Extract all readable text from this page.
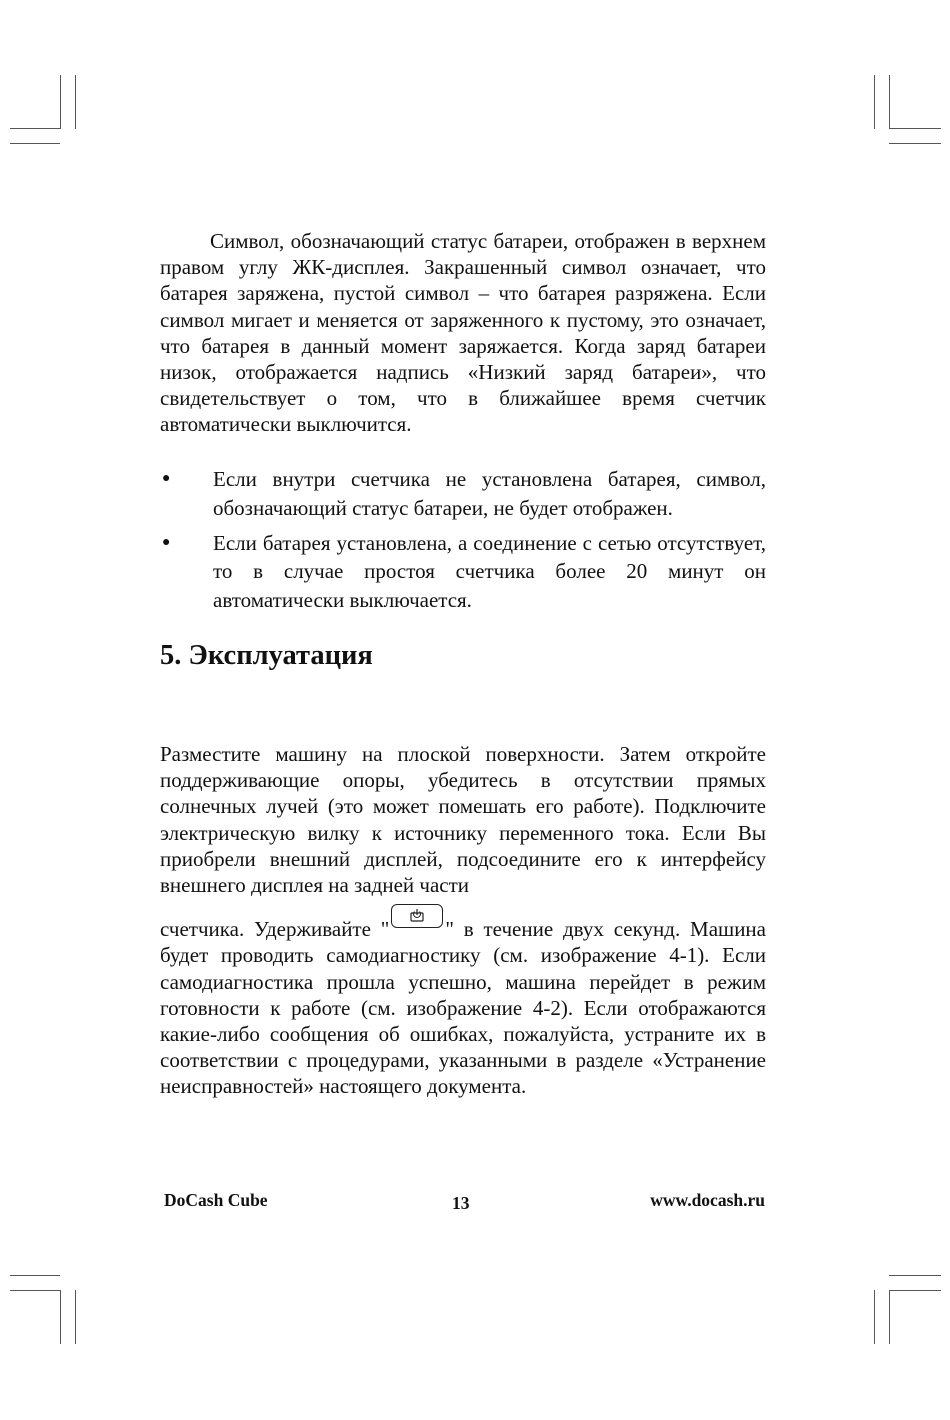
Символ, обозначающий статус батареи, отображен в верхнем правом углу ЖК-дисплея. Закрашенный символ означает, что батарея заряжена, пустой символ – что батарея разряжена. Если символ мигает и меняется от заряженного к пустому, это означает, что батарея в данный момент заряжается. Когда заряд батареи низок, отображается надпись «Низкий заряд батареи», что свидетельствует о том, что в ближайшее время счетчик автоматически выключится.

● Если внутри счетчика не установлена батарея, символ, обозначающий статус батареи, не будет отображен.
● Если батарея установлена, а соединение с сетью отсутствует, то в случае простоя счетчика более 20 минут он автоматически выключается.
5. Эксплуатация

Разместите машину на плоской поверхности. Затем откройте поддерживающие опоры, убедитесь в отсутствии прямых солнечных лучей (это может помешать его работе). Подключите электрическую вилку к источнику переменного тока. Если Вы приобрели внешний дисплей, подсоедините его к интерфейсу внешнего дисплея на задней части

счетчика. Удерживайте "	" в течение двух секунд. Машина будет проводить самодиагностику (см. изображение 4-1). Если самодиагностика прошла успешно, машина перейдет в режим готовности к работе (см. изображение 4-2). Если отображаются какие-либо сообщения об ошибках, пожалуйста, устраните их в соответствии с процедурами, указанными в разделе «Устранение неисправностей» настоящего документа.

DoCash Cube	13	www.docash.ru
